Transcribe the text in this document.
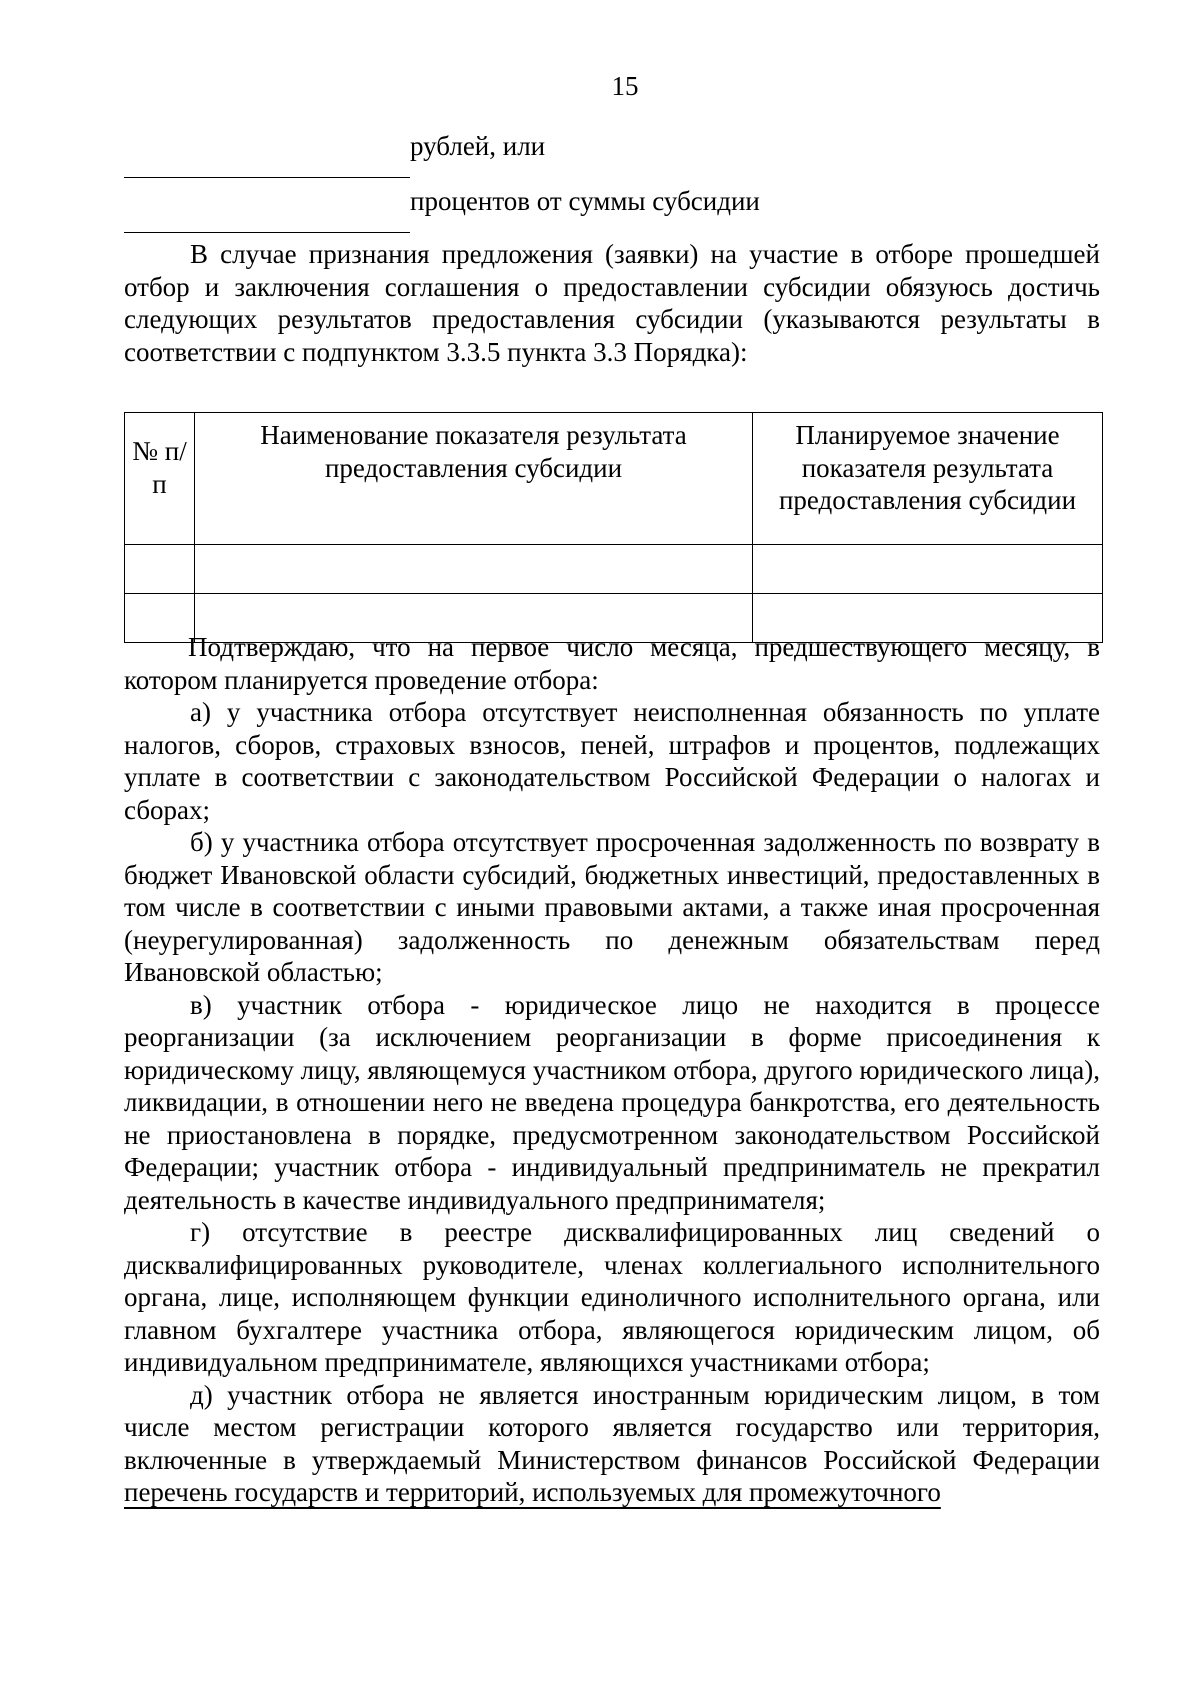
15
рублей, или
процентов от суммы субсидии

В случае признания предложения (заявки) на участие в отборе прошедшей отбор и заключения соглашения о предоставлении субсидии обязуюсь достичь следующих результатов предоставления субсидии (указываются результаты в соответствии с подпунктом 3.3.5 пункта 3.3 Порядка):

№ п/п	Наименование показателя результата предоставления субсидии	Планируемое значение показателя результата предоставления субсидии

Подтверждаю, что на первое число месяца, предшествующего месяцу, в котором планируется проведение отбора:

а) у участника отбора отсутствует неисполненная обязанность по уплате налогов, сборов, страховых взносов, пеней, штрафов и процентов, подлежащих уплате в соответствии с законодательством Российской Федерации о налогах и сборах;

б) у участника отбора отсутствует просроченная задолженность по возврату в бюджет Ивановской области субсидий, бюджетных инвестиций, предоставленных в том числе в соответствии с иными правовыми актами, а также иная просроченная (неурегулированная) задолженность по денежным обязательствам перед Ивановской областью;

в) участник отбора - юридическое лицо не находится в процессе реорганизации (за исключением реорганизации в форме присоединения к юридическому лицу, являющемуся участником отбора, другого юридического лица), ликвидации, в отношении него не введена процедура банкротства, его деятельность не приостановлена в порядке, предусмотренном законодательством Российской Федерации; участник отбора - индивидуальный предприниматель не прекратил деятельность в качестве индивидуального предпринимателя;

г) отсутствие в реестре дисквалифицированных лиц сведений о дисквалифицированных руководителе, членах коллегиального исполнительного органа, лице, исполняющем функции единоличного исполнительного органа, или главном бухгалтере участника отбора, являющегося юридическим лицом, об индивидуальном предпринимателе, являющихся участниками отбора;

д) участник отбора не является иностранным юридическим лицом, в том числе местом регистрации которого является государство или территория, включенные в утверждаемый Министерством финансов Российской Федерации перечень государств и территорий, используемых для промежуточного
